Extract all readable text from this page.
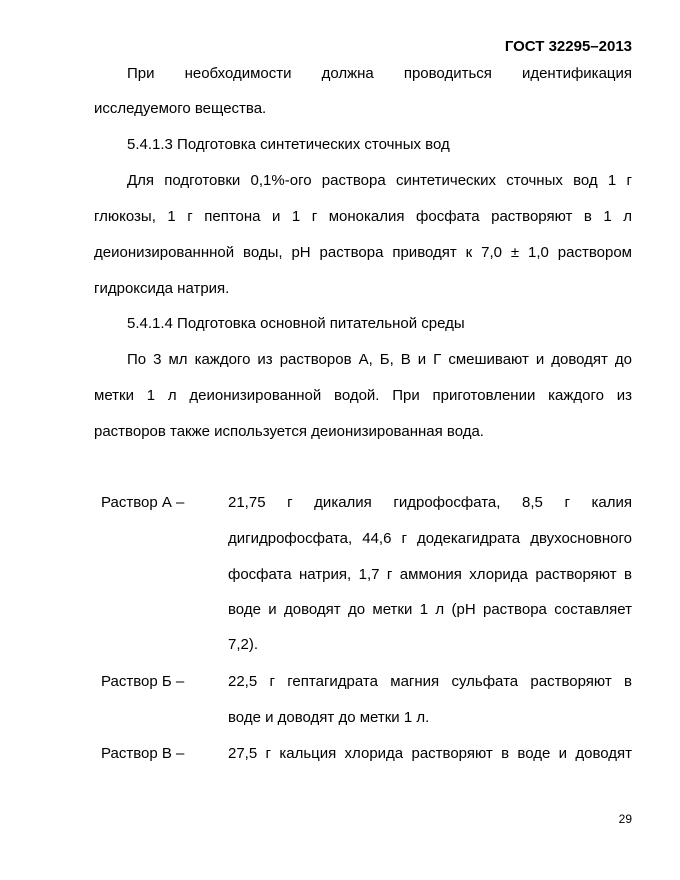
ГОСТ 32295–2013
При необходимости должна проводиться идентификация
исследуемого вещества.
5.4.1.3 Подготовка синтетических сточных вод
Для подготовки 0,1%-ого раствора синтетических сточных вод 1 г
глюкозы, 1 г пептона и 1 г монокалия фосфата растворяют в 1 л
деионизированнной воды, рН раствора приводят к 7,0 ± 1,0 раствором
гидроксида натрия.
5.4.1.4 Подготовка основной питательной среды
По 3 мл каждого из растворов А, Б, В и Г смешивают и доводят до
метки 1 л деионизированной водой. При приготовлении каждого из
растворов также используется деионизированная вода.
Раствор А –	21,75 г дикалия гидрофосфата, 8,5 г калия
дигидрофосфата, 44,6 г додекагидрата двухосновного
фосфата натрия, 1,7 г аммония хлорида растворяют в
воде и доводят до метки 1 л (рН раствора составляет
7,2).
Раствор Б –	22,5 г гептагидрата магния сульфата растворяют в
воде и доводят до метки 1 л.
Раствор В –	27,5 г кальция хлорида растворяют в воде и доводят
29
